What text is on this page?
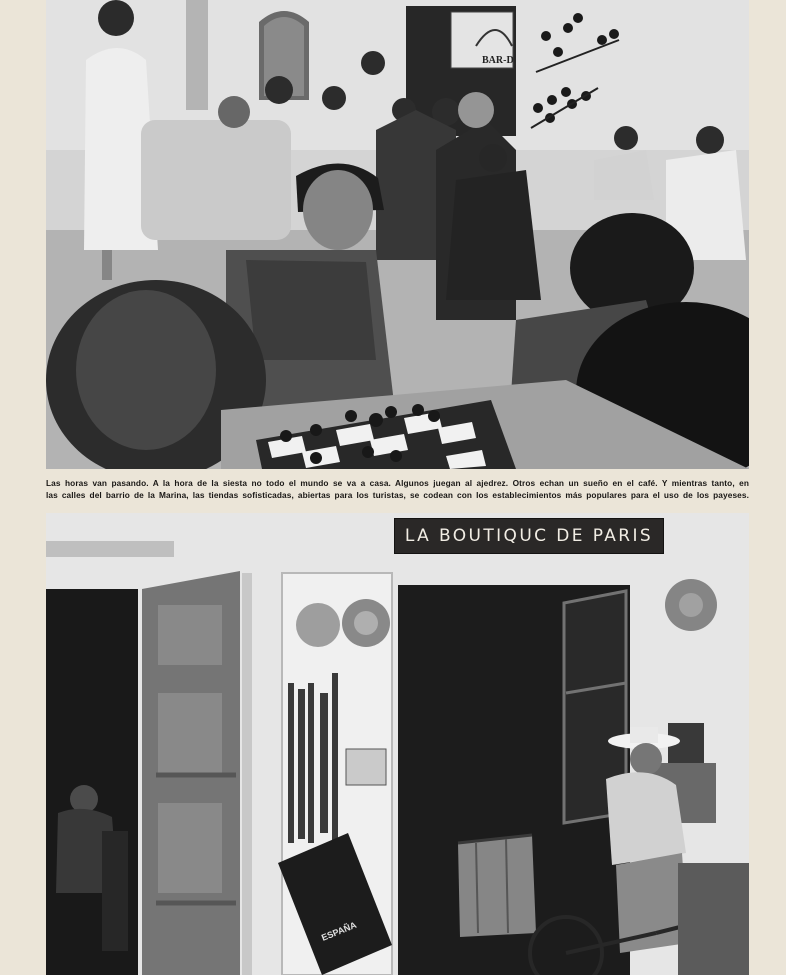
BAR-D

Las horas van pasando. A la hora de la siesta no todo el mundo se va a casa. Algunos juegan al ajedrez. Otros echan un sueño en el café. Y mientras tanto, en las calles del barrio de la Marina, las tiendas sofisticadas, abiertas para los turistas, se codean con los establecimientos más populares para el uso de los payeses.

ESPAÑA
LA BOUTIQUC DE PARIS
